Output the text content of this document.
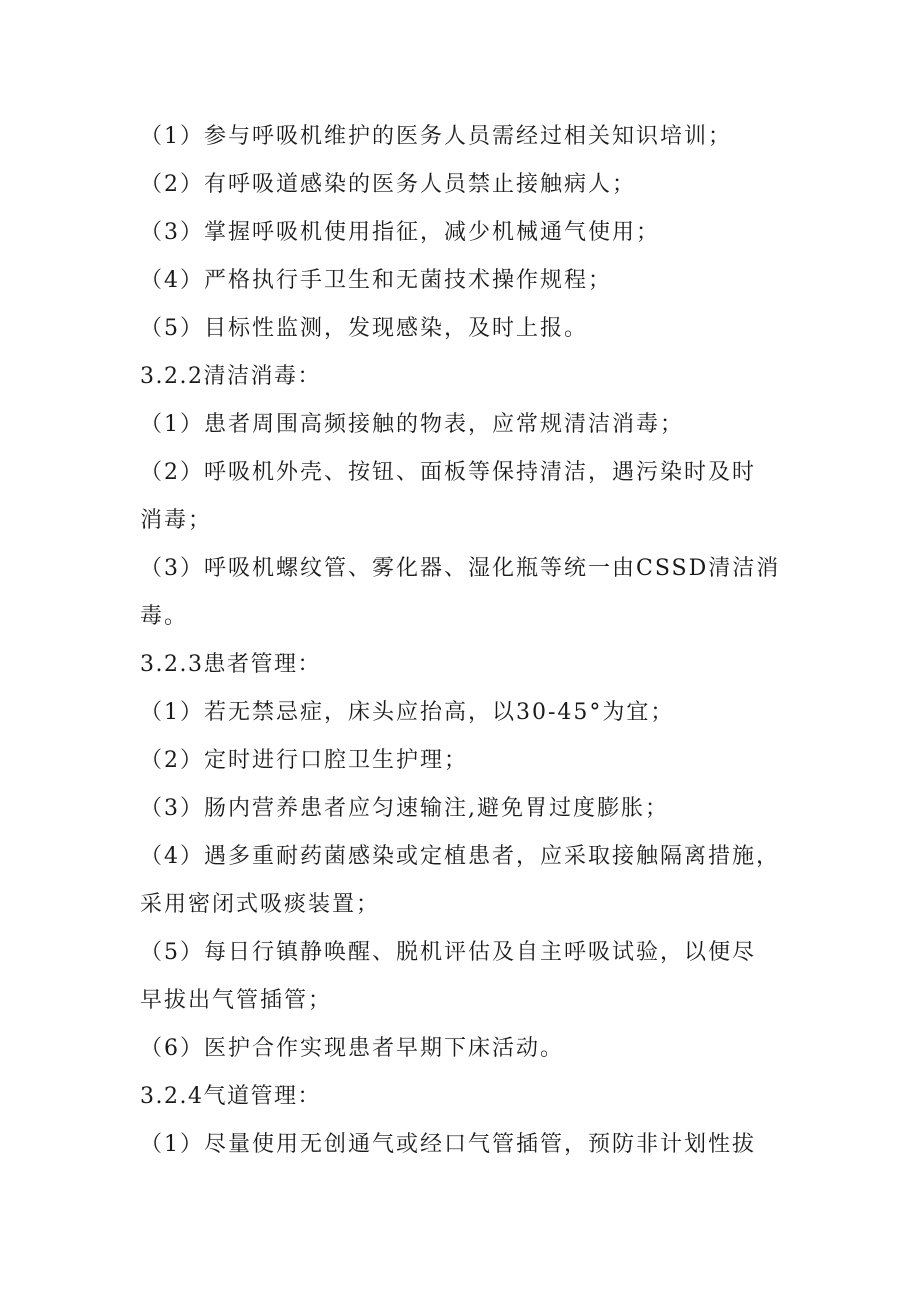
（1）参与呼吸机维护的医务人员需经过相关知识培训；
（2）有呼吸道感染的医务人员禁止接触病人；
（3）掌握呼吸机使用指征，减少机械通气使用；
（4）严格执行手卫生和无菌技术操作规程；
（5）目标性监测，发现感染，及时上报。
3.2.2清洁消毒：
（1）患者周围高频接触的物表，应常规清洁消毒；
（2）呼吸机外壳、按钮、面板等保持清洁，遇污染时及时
消毒；
（3）呼吸机螺纹管、雾化器、湿化瓶等统一由CSSD清洁消
毒。
3.2.3患者管理：
（1）若无禁忌症，床头应抬高，以30-45°为宜；
（2）定时进行口腔卫生护理；
（3）肠内营养患者应匀速输注,避免胃过度膨胀；
（4）遇多重耐药菌感染或定植患者，应采取接触隔离措施，
采用密闭式吸痰装置；
（5）每日行镇静唤醒、脱机评估及自主呼吸试验，以便尽
早拔出气管插管；
（6）医护合作实现患者早期下床活动。
3.2.4气道管理：
（1）尽量使用无创通气或经口气管插管，预防非计划性拔
